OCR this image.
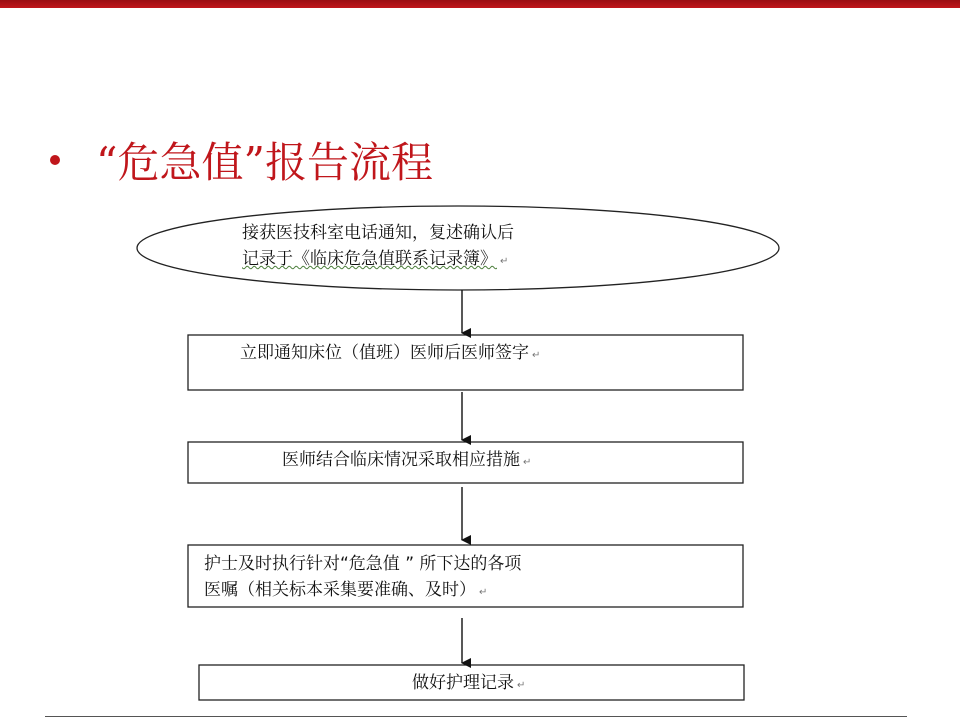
“危急值”报告流程
接获医技科室电话通知，复述确认后
记录于《临床危急值联系记录簿》 ↵
立即通知床位（值班）医师后医师签字 ↵
医师结合临床情况采取相应措施 ↵
护士及时执行针对“危急值 ” 所下达的各项
医嘱（相关标本采集要准确、及时） ↵
做好护理记录 ↵
